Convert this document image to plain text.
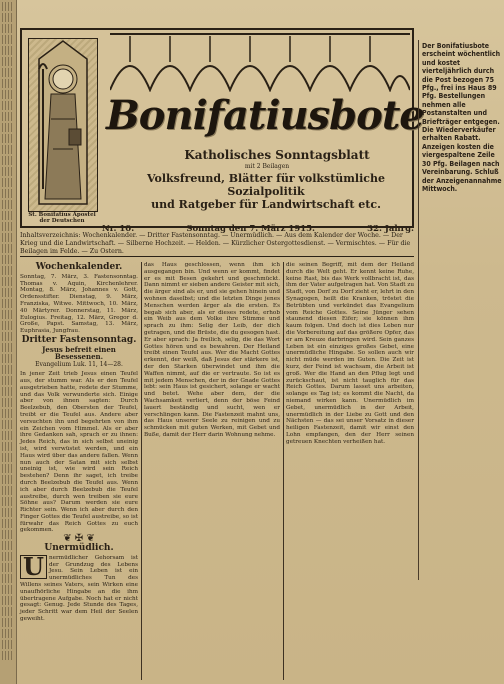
St. Bonifatius Apostel der Deutschen
Bonifatiusbote
Katholisches Sonntagsblatt
mit 2 Beilagen
Volksfreund, Blätter für volkstümliche Sozialpolitik
und Ratgeber für Landwirtschaft etc.
Nr. 10.	Sonntag den 7. März 1915.	32. Jahrg.
Inhaltsverzeichnis: Wochenkalender. — Dritter Fastensonntag. — Unermüdlich. — Aus dem Kalender der Woche. — Der Krieg und die Landwirtschaft. — Silberne Hochzeit. — Helden. — Kürzlicher Ostergottesdienst. — Vermischtes. — Für die Beilagen im Felde. — Zu Ostern.
Wochenkalender.

Sonntag, 7. März, 3. Fastensonntag. Thomas v. Aquin, Kirchenlehrer. Montag, 8. März, Johannes v. Gott, Ordensstifter. Dienstag, 9. März, Franziska, Witwe. Mittwoch, 10. März, 40 Märtyrer. Donnerstag, 11. März, Eulogius. Freitag, 12. März, Gregor d. Große, Papst. Samstag, 13. März, Euphrasia, Jungfrau.

Dritter Fastensonntag.
Jesus befreit einen Besessenen.
Evangelium Luk. 11, 14—28.

In jener Zeit trieb Jesus einen Teufel aus, der stumm war. Als er den Teufel ausgetrieben hatte, redete der Stumme, und das Volk verwunderte sich. Einige aber von ihnen sagten: Durch Beelzebub, den Obersten der Teufel, treibt er die Teufel aus. Andere aber versuchten ihn und begehrten von ihm ein Zeichen vom Himmel. Als er aber ihre Gedanken sah, sprach er zu ihnen: Jedes Reich, das in sich selbst uneinig ist, wird verwüstet werden, und ein Haus wird über das andere fallen. Wenn nun auch der Satan mit sich selbst uneinig ist, wie wird sein Reich bestehen? Denn ihr saget, ich treibe durch Beelzebub die Teufel aus. Wenn ich aber durch Beelzebub die Teufel austreibe, durch wen treiben sie eure Söhne aus? Darum werden sie eure Richter sein. Wenn ich aber durch den Finger Gottes die Teufel austreibe, so ist fürwahr das Reich Gottes zu euch gekommen.

❦ ✠ ❦
Unermüdlich.

U nermüdlicher Gehorsam ist der Grundzug des Lebens Jesu. Sein Leben ist ein unermüdliches Tun des Willens seines Vaters, sein Wirken eine unaufhörliche Hingabe an die ihm übertragene Aufgabe. Noch hat er nicht gesagt: Genug. Jede Stunde des Tages, jeder Schritt war dem Heil der Seelen geweiht.

das Haus geschlossen, wenn ihm ich ausgegangen bin. Und wenn er kommt, findet er es mit Besen gekehrt und geschmückt. Dann nimmt er sieben andere Geister mit sich, die ärger sind als er, und sie gehen hinein und wohnen daselbst; und die letzten Dinge jenes Menschen werden ärger als die ersten. Es begab sich aber, als er dieses redete, erhob ein Weib aus dem Volke ihre Stimme und sprach zu ihm: Selig der Leib, der dich getragen, und die Brüste, die du gesogen hast. Er aber sprach: Ja freilich, selig, die das Wort Gottes hören und es bewahren. Der Heiland treibt einen Teufel aus. Wer die Macht Gottes erkennt, der weiß, daß Jesus der stärkere ist, der den Starken überwindet und ihm die Waffen nimmt, auf die er vertraute. So ist es mit jedem Menschen, der in der Gnade Gottes lebt: sein Haus ist gesichert, solange er wacht und betet. Wehe aber dem, der die Wachsamkeit verliert, denn der böse Feind lauert beständig und sucht, wen er verschlingen kann. Die Fastenzeit mahnt uns, das Haus unserer Seele zu reinigen und zu schmücken mit guten Werken, mit Gebet und Buße, damit der Herr darin Wohnung nehme.

die seinen Begriff, mit dem der Heiland durch die Welt geht. Er kennt keine Ruhe, keine Rast, bis das Werk vollbracht ist, das ihm der Vater aufgetragen hat. Von Stadt zu Stadt, von Dorf zu Dorf zieht er, lehrt in den Synagogen, heilt die Kranken, tröstet die Betrübten und verkündet das Evangelium vom Reiche Gottes. Seine Jünger sehen staunend diesen Eifer; sie können ihm kaum folgen. Und doch ist dies Leben nur die Vorbereitung auf das größere Opfer, das er am Kreuze darbringen wird. Sein ganzes Leben ist ein einziges großes Gebet, eine unermüdliche Hingabe. So sollen auch wir nicht müde werden im Guten. Die Zeit ist kurz, der Feind ist wachsam, die Arbeit ist groß. Wer die Hand an den Pflug legt und zurückschaut, ist nicht tauglich für das Reich Gottes. Darum lasset uns arbeiten, solange es Tag ist; es kommt die Nacht, da niemand wirken kann. Unermüdlich im Gebet, unermüdlich in der Arbeit, unermüdlich in der Liebe zu Gott und den Nächsten — das sei unser Vorsatz in dieser heiligen Fastenzeit, damit wir einst den Lohn empfangen, den der Herr seinen getreuen Knechten verheißen hat.

Der Bonifatiusbote erscheint wöchentlich und kostet vierteljährlich durch die Post bezogen 75 Pfg., frei ins Haus 89 Pfg. Bestellungen nehmen alle Postanstalten und Briefträger entgegen. Die Wiederverkäufer erhalten Rabatt. Anzeigen kosten die viergespaltene Zeile 30 Pfg. Beilagen nach Vereinbarung. Schluß der Anzeigenannahme Mittwoch.
